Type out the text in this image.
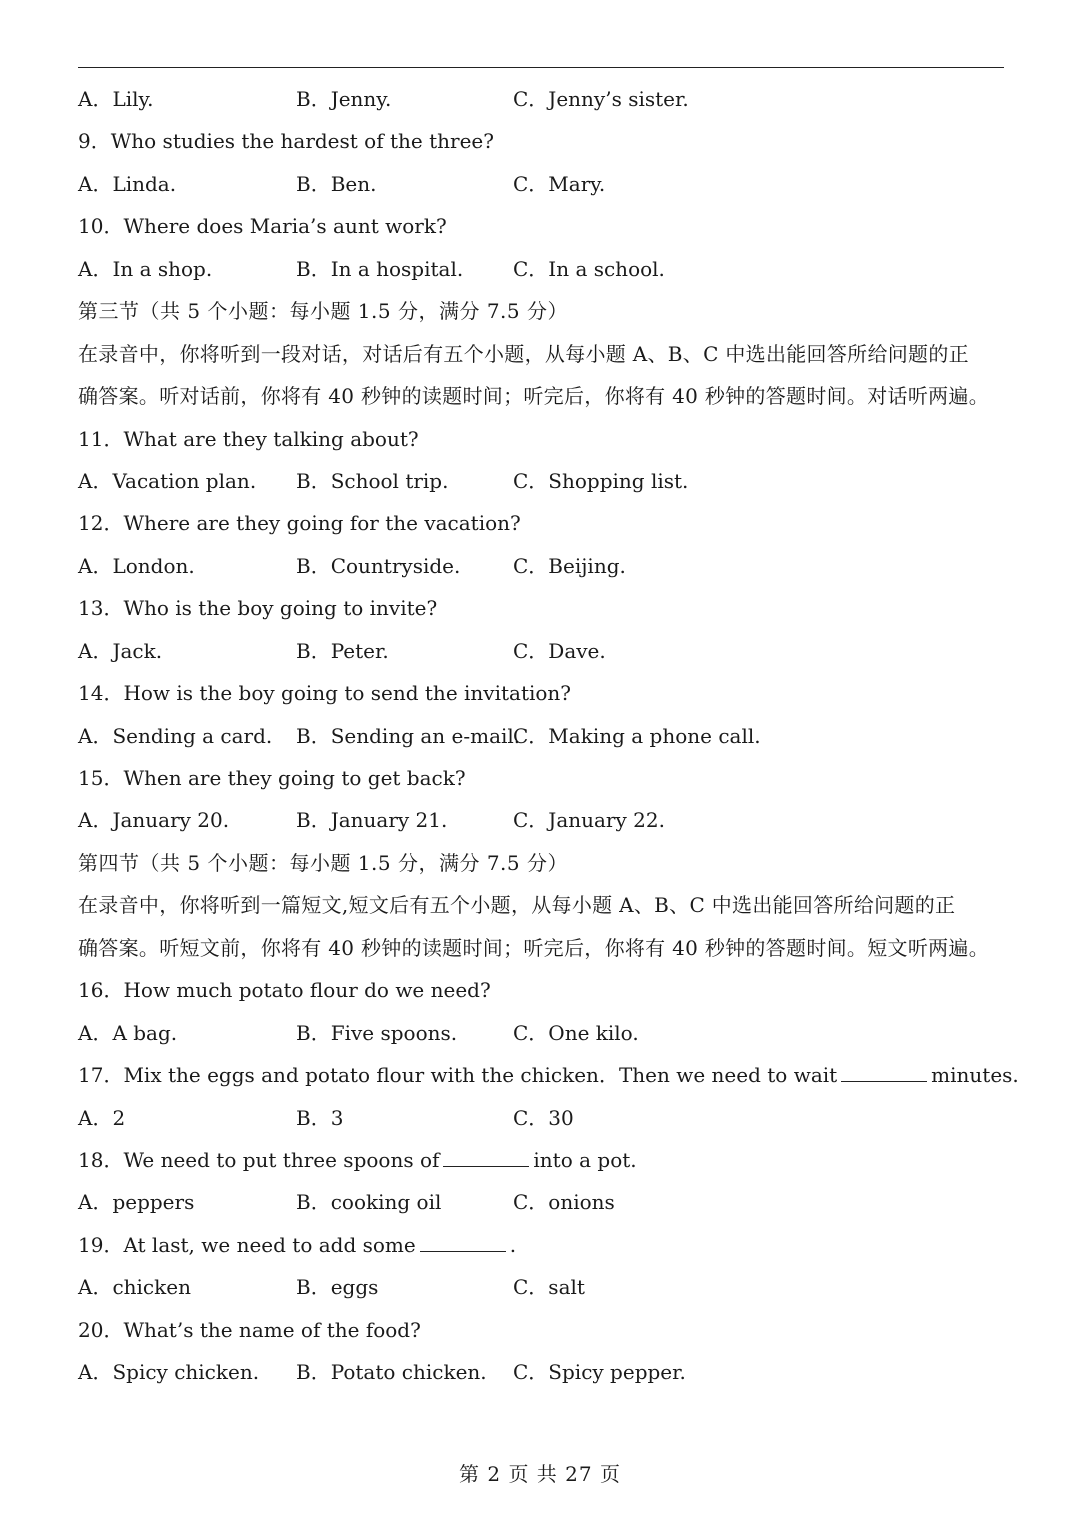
A．Lily.	B．Jenny.	C．Jenny’s sister.
9．Who studies the hardest of the three?
A．Linda.	B．Ben.	C．Mary.
10．Where does Maria’s aunt work?
A．In a shop.	B．In a hospital. C．In a school.
第三节（共 5 个小题：每小题 1.5 分，满分 7.5 分）
在录音中，你将听到一段对话，对话后有五个小题，从每小题 A、B、C 中选出能回答所给问题的正
确答案。听对话前，你将有 40 秒钟的读题时间；听完后，你将有 40 秒钟的答题时间。对话听两遍。
11．What are they talking about?
A．Vacation plan. B．School trip.	C．Shopping list.
12．Where are they going for the vacation?
A．London.	B．Countryside.	C．Beijing.
13．Who is the boy going to invite?
A．Jack.	B．Peter.	C．Dave.
14．How is the boy going to send the invitation?
A．Sending a card. B．Sending an e-mail.
C．Making a phone call.
15．When are they going to get back?
A．January 20.	B．January 21.	C．January 22.
第四节（共 5 个小题：每小题 1.5 分，满分 7.5 分）
在录音中，你将听到一篇短文,短文后有五个小题，从每小题 A、B、C 中选出能回答所给问题的正
确答案。听短文前，你将有 40 秒钟的读题时间；听完后，你将有 40 秒钟的答题时间。短文听两遍。
16．How much potato flour do we need?
A．A bag.	B．Five spoons.	C．One kilo.
17．Mix the eggs and potato flour with the chicken．Then we need to wait	minutes.
A．2	B．3	C．30
18．We need to put three spoons of	into a pot.
A．peppers	B．cooking oil	C．onions
19．At last, we need to add some	.
A．chicken	B．eggs	C．salt
20．What’s the name of the food?
A．Spicy chicken. B．Potato chicken. C．Spicy pepper.
第 2 页 共 27 页
